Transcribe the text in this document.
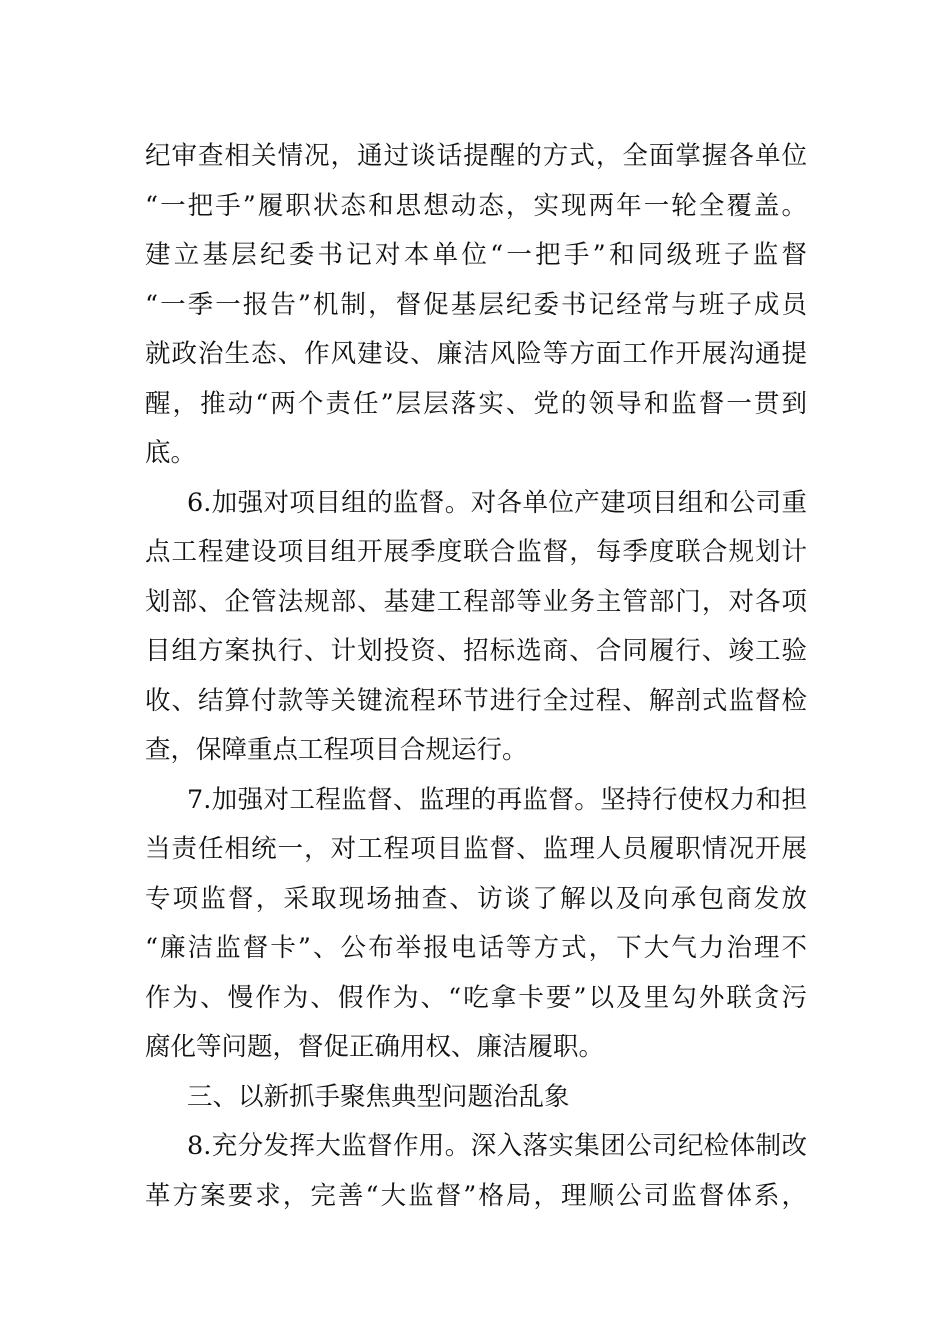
纪审查相关情况，通过谈话提醒的方式，全面掌握各单位
“一把手”履职状态和思想动态，实现两年一轮全覆盖。
建立基层纪委书记对本单位“一把手”和同级班子监督
“一季一报告”机制，督促基层纪委书记经常与班子成员
就政治生态、作风建设、廉洁风险等方面工作开展沟通提
醒，推动“两个责任”层层落实、党的领导和监督一贯到
底。
6.加强对项目组的监督。对各单位产建项目组和公司重
点工程建设项目组开展季度联合监督，每季度联合规划计
划部、企管法规部、基建工程部等业务主管部门，对各项
目组方案执行、计划投资、招标选商、合同履行、竣工验
收、结算付款等关键流程环节进行全过程、解剖式监督检
查，保障重点工程项目合规运行。
7.加强对工程监督、监理的再监督。坚持行使权力和担
当责任相统一，对工程项目监督、监理人员履职情况开展
专项监督，采取现场抽查、访谈了解以及向承包商发放
“廉洁监督卡”、公布举报电话等方式，下大气力治理不
作为、慢作为、假作为、“吃拿卡要”以及里勾外联贪污
腐化等问题，督促正确用权、廉洁履职。
三、以新抓手聚焦典型问题治乱象
8.充分发挥大监督作用。深入落实集团公司纪检体制改
革方案要求，完善“大监督”格局，理顺公司监督体系，
